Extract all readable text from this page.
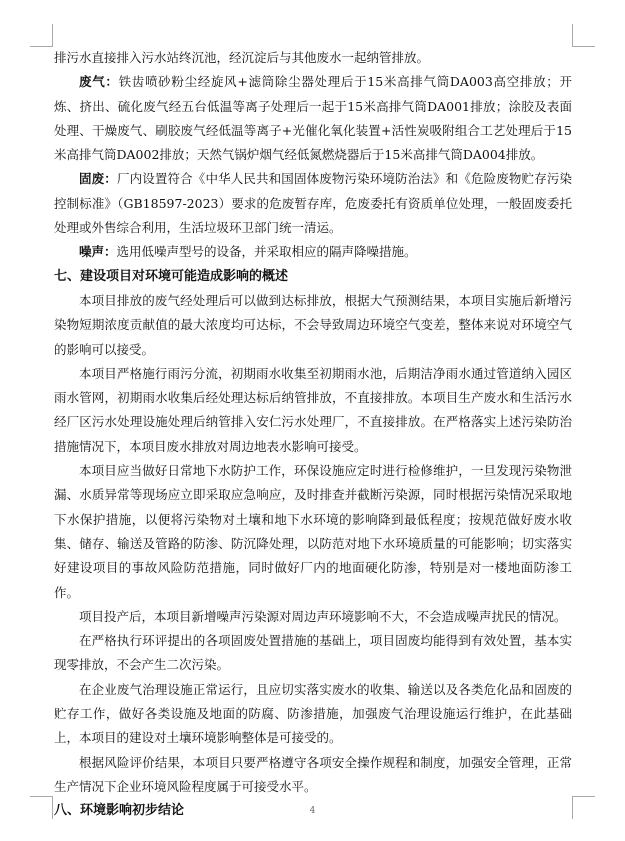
排污水直接排入污水站终沉池，经沉淀后与其他废水一起纳管排放。

废气：铁齿喷砂粉尘经旋风+滤筒除尘器处理后于15米高排气筒DA003高空排放；开炼、挤出、硫化废气经五台低温等离子处理后一起于15米高排气筒DA001排放；涂胶及表面处理、干燥废气、刷胶废气经低温等离子+光催化氧化装置+活性炭吸附组合工艺处理后于15米高排气筒DA002排放；天然气锅炉烟气经低氮燃烧器后于15米高排气筒DA004排放。

固废：厂内设置符合《中华人民共和国固体废物污染环境防治法》和《危险废物贮存污染控制标准》（GB18597-2023）要求的危废暂存库，危废委托有资质单位处理，一般固废委托处理或外售综合利用，生活垃圾环卫部门统一清运。

噪声：选用低噪声型号的设备，并采取相应的隔声降噪措施。

七、建设项目对环境可能造成影响的概述

本项目排放的废气经处理后可以做到达标排放，根据大气预测结果，本项目实施后新增污染物短期浓度贡献值的最大浓度均可达标，不会导致周边环境空气变差，整体来说对环境空气的影响可以接受。

本项目严格施行雨污分流，初期雨水收集至初期雨水池，后期洁净雨水通过管道纳入园区雨水管网，初期雨水收集后经处理达标后纳管排放，不直接排放。本项目生产废水和生活污水经厂区污水处理设施处理后纳管排入安仁污水处理厂，不直接排放。在严格落实上述污染防治措施情况下，本项目废水排放对周边地表水影响可接受。

本项目应当做好日常地下水防护工作，环保设施应定时进行检修维护，一旦发现污染物泄漏、水质异常等现场应立即采取应急响应，及时排查并截断污染源，同时根据污染情况采取地下水保护措施，以便将污染物对土壤和地下水环境的影响降到最低程度；按规范做好废水收集、储存、输送及管路的防渗、防沉降处理，以防范对地下水环境质量的可能影响；切实落实好建设项目的事故风险防范措施，同时做好厂内的地面硬化防渗，特别是对一楼地面防渗工作。

项目投产后，本项目新增噪声污染源对周边声环境影响不大，不会造成噪声扰民的情况。

在严格执行环评提出的各项固废处置措施的基础上，项目固废均能得到有效处置，基本实现零排放，不会产生二次污染。

在企业废气治理设施正常运行，且应切实落实废水的收集、输送以及各类危化品和固废的贮存工作，做好各类设施及地面的防腐、防渗措施，加强废气治理设施运行维护，在此基础上，本项目的建设对土壤环境影响整体是可接受的。

根据风险评价结果，本项目只要严格遵守各项安全操作规程和制度，加强安全管理，正常生产情况下企业环境风险程度属于可接受水平。

八、环境影响初步结论	4
